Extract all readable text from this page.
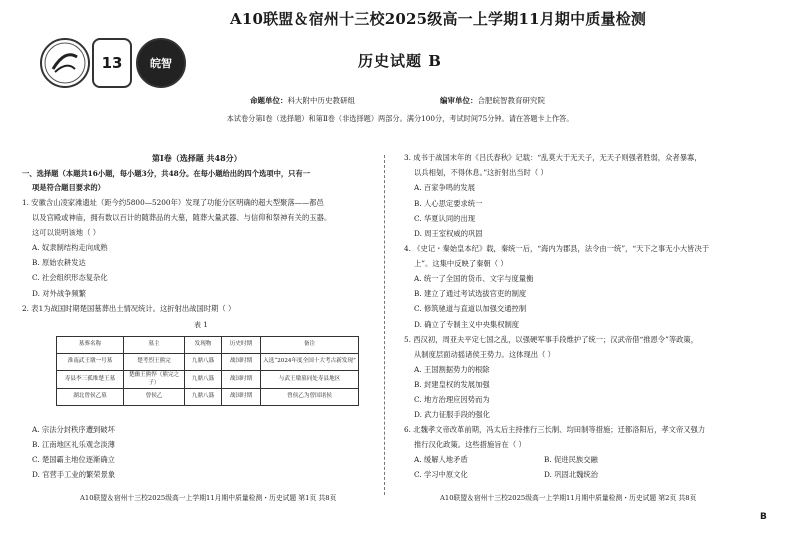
13	皖智
A10联盟＆宿州十三校2025级高一上学期11月期中质量检测
历史试题 B
命题单位：科大附中历史教研组	编审单位：合肥皖智教育研究院
本试卷分第Ⅰ卷（选择题）和第Ⅱ卷（非选择题）两部分。满分100分，考试时间75分钟。请在答题卡上作答。
第Ⅰ卷（选择题 共48分）
一、选择题（本题共16小题，每小题3分，共48分。在每小题给出的四个选项中，只有一
项是符合题目要求的）
1. 安徽含山凌家滩遗址（距今约5800—5200年）发现了功能分区明确的超大型聚落——都邑
以及宫殿或神庙，拥有数以百计的随葬品的大墓，随葬大量武器、与信仰和祭神有关的玉器。
这可以说明该地（ ）
A. 奴隶制结构走向成熟
B. 原始农耕发达
C. 社会组织形态复杂化
D. 对外战争频繁
2. 表1为战国时期楚国墓葬出土情况统计。这折射出战国时期（ ）
表 1
A. 宗法分封秩序遭到破坏
B. 江南地区礼乐观念淡薄
C. 楚国霸主地位逐渐确立
D. 官营手工业的繁荣景象
墓葬名称	墓主	发现物	历史时期	备注
淮南武王墩一号墓	楚考烈王熊完	九鼎八簋	战国时期	入选“2024年度全国十大考古新发现”
寿县李三孤堆楚王墓	楚幽王熊悍（熊完之子）	九鼎八簋	战国时期	与武王墩墓同处寿县地区
湖北曾侯乙墓	曾侯乙	九鼎八簋	战国时期	曾侯乙为曾国诸侯
3. 成书于战国末年的《吕氏春秋》记载：“乱莫大于无天子，无天子则强者胜弱，众者暴寡，
以兵相刬，不得休息。”这折射出当时（ ）
A. 百家争鸣的发展
B. 人心思定要求统一
C. 华夏认同的出现
D. 周王室权威的巩固
4. 《史记・秦始皇本纪》载，秦统一后，“海内为郡县，法令由一统”，“天下之事无小大皆决于
上”。这集中反映了秦朝（ ）
A. 统一了全国的货币、文字与度量衡
B. 建立了通过考试选拔官吏的制度
C. 修筑驰道与直道以加强交通控制
D. 确立了专制主义中央集权制度
5. 西汉初，周亚夫平定七国之乱，以强硬军事手段维护了统一；汉武帝借“推恩令”等政策，
从制度层面动摇诸侯王势力。这体现出（ ）
A. 王国割据势力的根除
B. 封建皇权的发展加强
C. 地方治理应因势而为
D. 武力征服手段的强化
6. 北魏孝文帝改革前期，冯太后主持推行三长制、均田制等措施；迁都洛阳后，孝文帝又强力
推行汉化政策。这些措施旨在（ ）
A. 缓解人地矛盾	B. 促进民族交融
C. 学习中原文化	D. 巩固北魏统治
A10联盟＆宿州十三校2025级高一上学期11月期中质量检测・历史试题 第1页 共8页	A10联盟＆宿州十三校2025级高一上学期11月期中质量检测・历史试题 第2页 共8页
B
